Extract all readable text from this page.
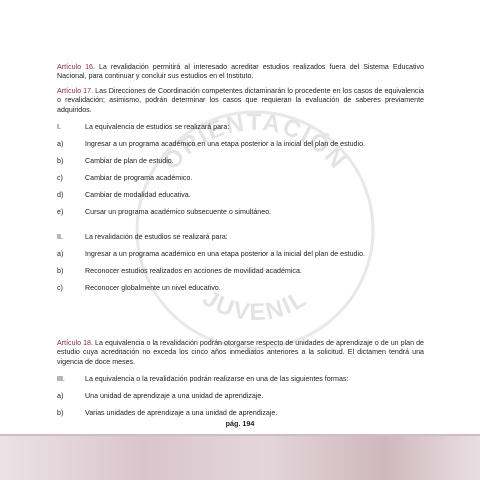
ORIENTACIÓN
JUVENIL

Artículo 16. La revalidación permitirá al interesado acreditar estudios realizados fuera del Sistema Educativo Nacional, para continuar y concluir sus estudios en el Instituto.

Artículo 17. Las Direcciones de Coordinación competentes dictaminarán lo procedente en los casos de equivalencia o revalidación; asimismo, podrán determinar los casos que requieran la evaluación de saberes previamente adquiridos.

I.	La equivalencia de estudios se realizará para:
a)	Ingresar a un programa académico en una etapa posterior a la inicial del plan de estudio.
b)	Cambiar de plan de estudio.
c)	Cambiar de programa académico.
d)	Cambiar de modalidad educativa.
e)	Cursar un programa académico subsecuente o simultáneo.
II.	La revalidación de estudios se realizará para:
a)	Ingresar a un programa académico en una etapa posterior a la inicial del plan de estudio.
b)	Reconocer estudios realizados en acciones de movilidad académica.
c)	Reconocer globalmente un nivel educativo.

Artículo 18. La equivalencia o la revalidación podrán otorgarse respecto de unidades de aprendizaje o de un plan de estudio cuya acreditación no exceda los cinco años inmediatos anteriores a la solicitud. El dictamen tendrá una vigencia de doce meses.

III.	La equivalencia o la revalidación podrán realizarse en una de las siguientes formas:
a)	Una unidad de aprendizaje a una unidad de aprendizaje.
b)	Varias unidades de aprendizaje a una unidad de aprendizaje.
pág. 194
